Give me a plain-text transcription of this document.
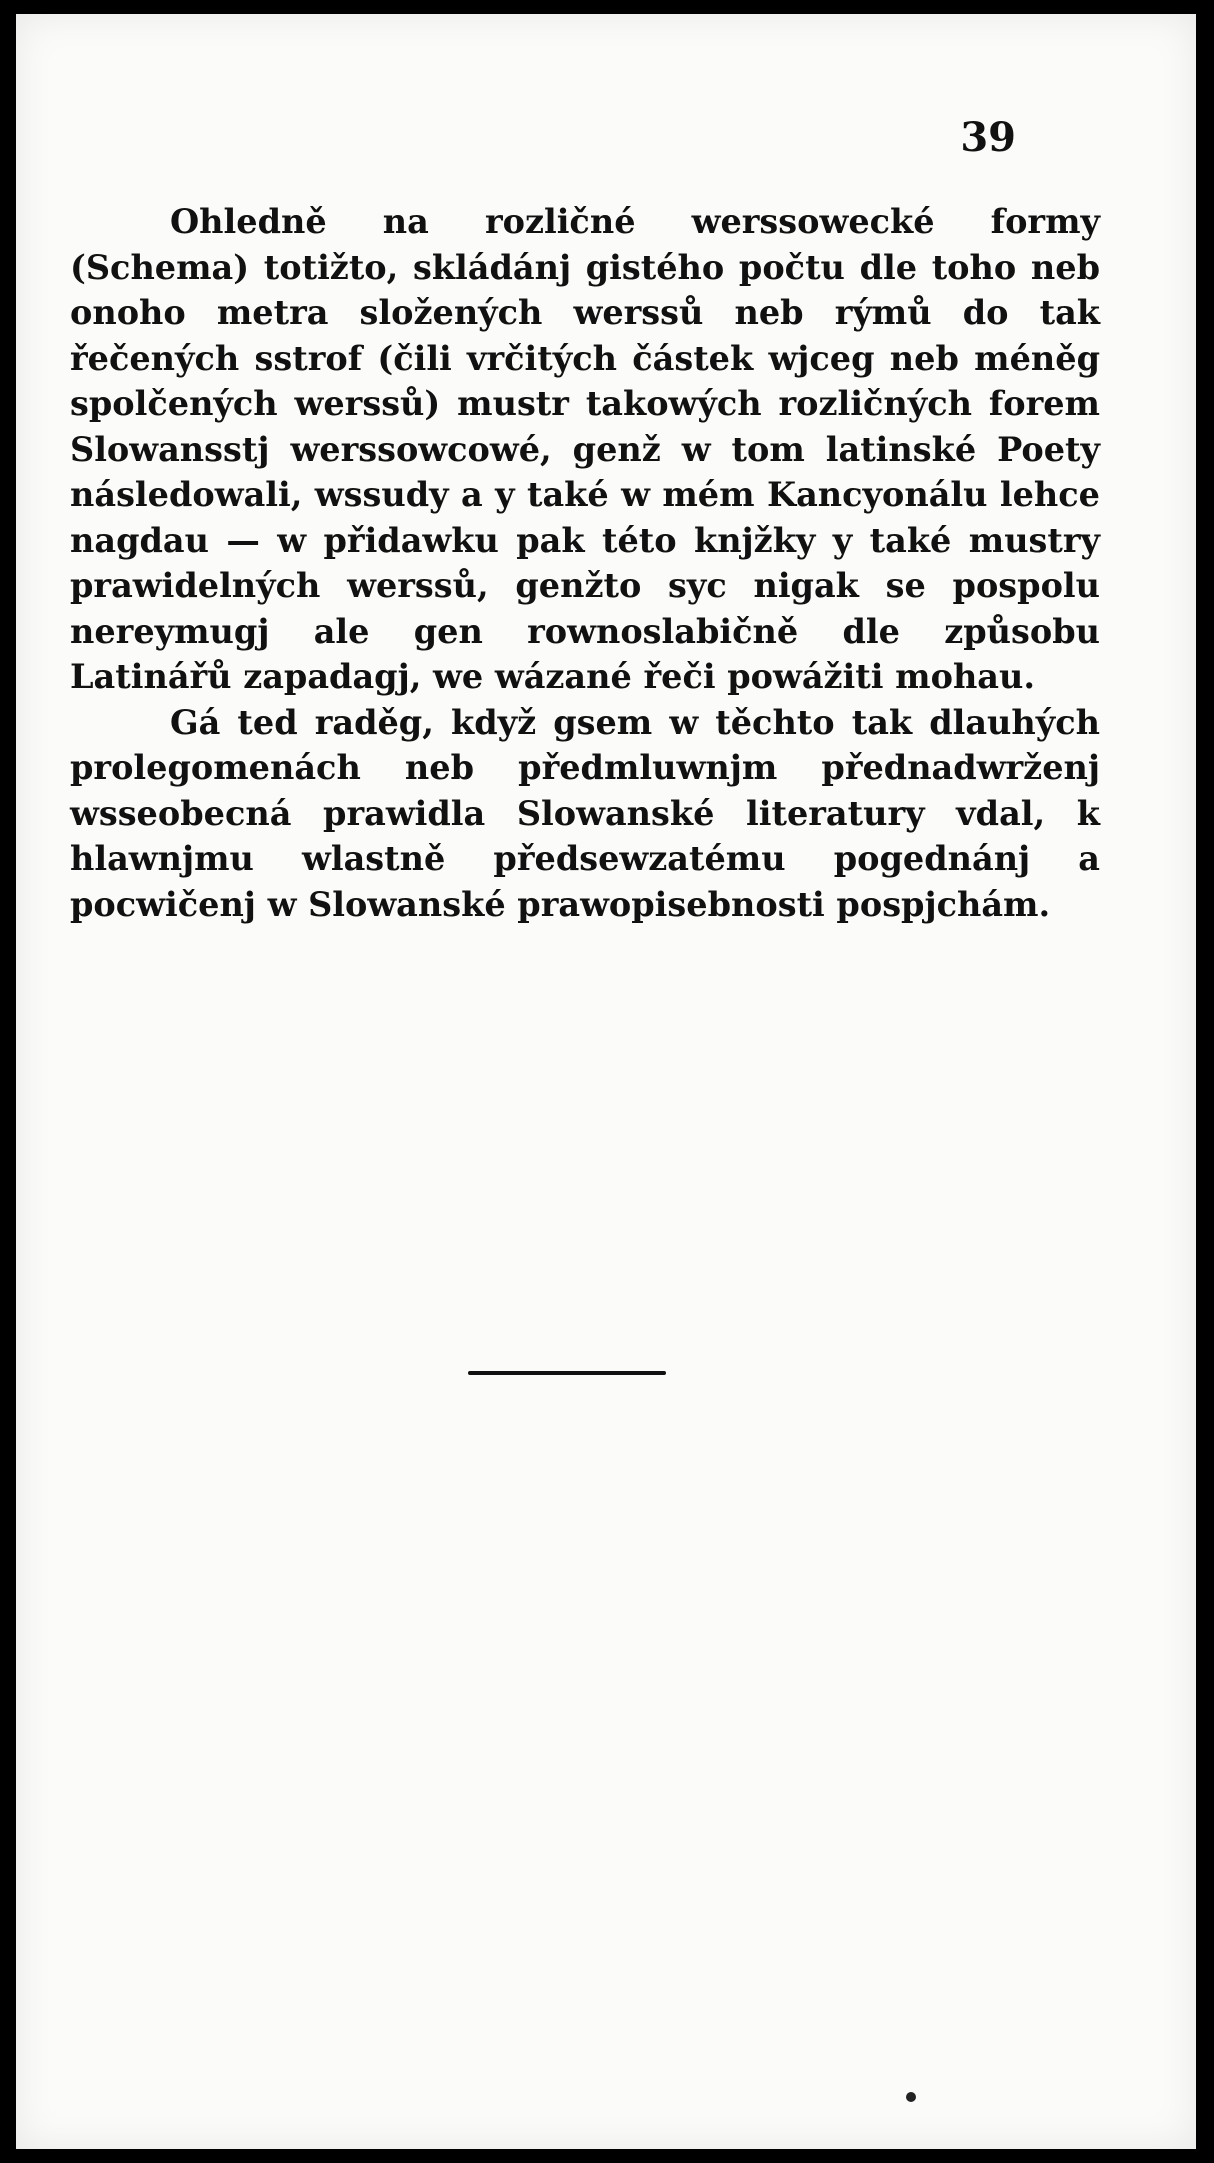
39

Ohledně na rozličné werssowecké formy (Schema) totižto, skládánj gistého počtu dle toho neb onoho metra složených werssů neb rýmů do tak řečených sstrof (čili vrčitých částek wjceg neb méněg spolčených werssů) mustr takowých rozličných forem Slowansstj werssowcowé, genž w tom latinské Poety následowali, wssudy a y také w mém Kancyonálu lehce nagdau — w přidawku pak této knjžky y také mustry prawidelných werssů, genžto syc nigak se pospolu nereymugj ale gen rownoslabičně dle způsobu Latinářů zapadagj, we wázané řeči powážiti mohau.

Gá ted raděg, když gsem w těchto tak dlauhých prolegomenách neb předmluwnjm přednadwrženj wsseobecná prawidla Slowanské literatury vdal, k hlawnjmu wlastně předsewzatému pogednánj a pocwičenj w Slowanské prawopisebnosti pospjchám.
